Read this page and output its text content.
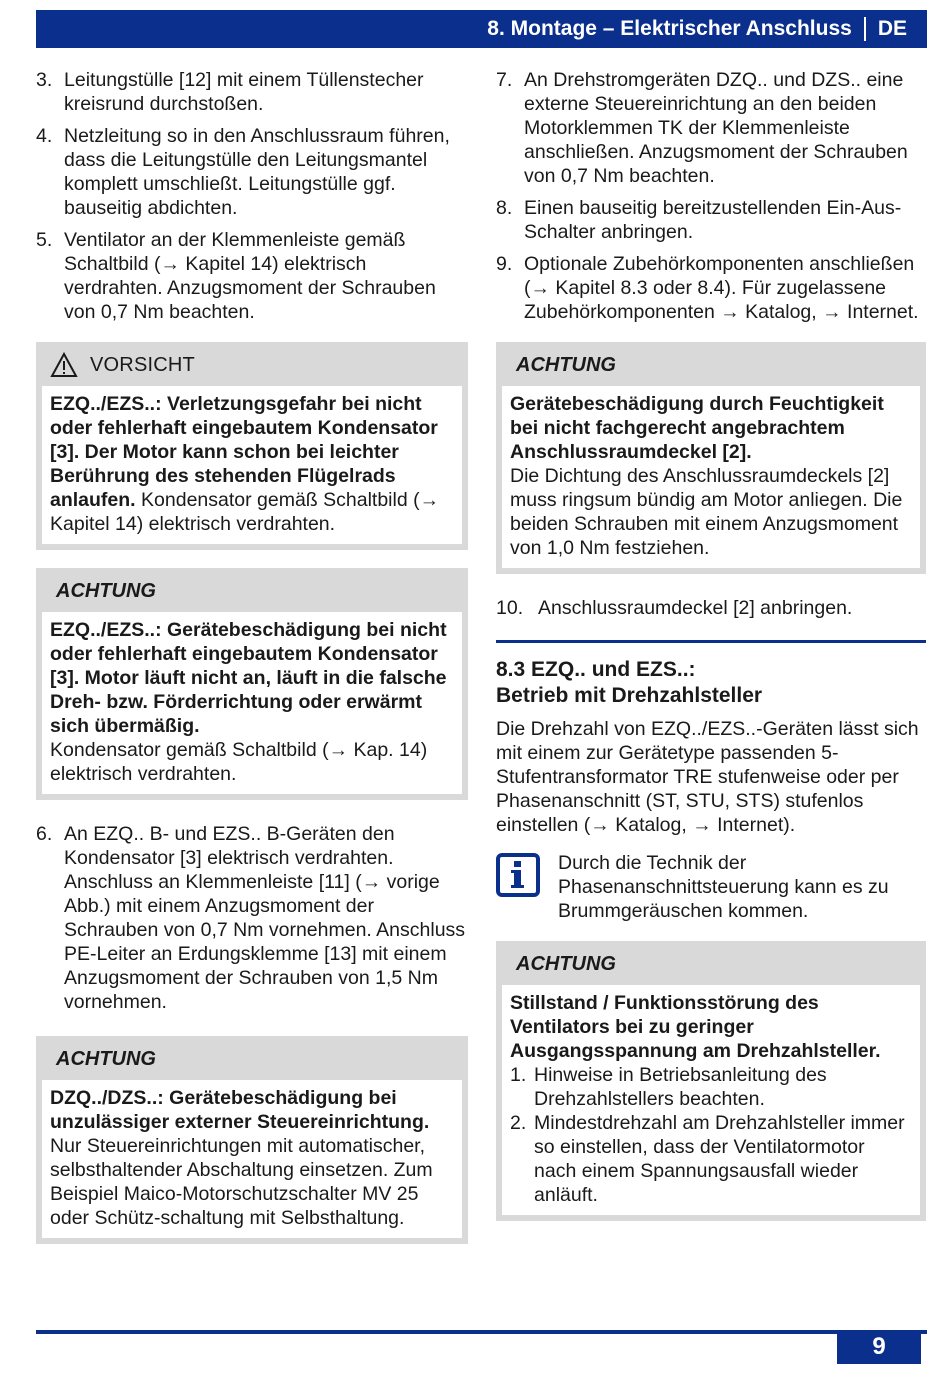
8. Montage – Elektrischer Anschluss DE
3. Leitungstülle [12] mit einem Tüllenstecher kreisrund durchstoßen.
4. Netzleitung so in den Anschlussraum führen, dass die Leitungstülle den Leitungsmantel komplett umschließt. Leitungstülle ggf. bauseitig abdichten.
5. Ventilator an der Klemmenleiste gemäß Schaltbild (→ Kapitel 14) elektrisch verdrahten. Anzugsmoment der Schrauben von 0,7 Nm beachten.
VORSICHT
EZQ../EZS..: Verletzungsgefahr bei nicht oder fehlerhaft eingebautem Kondensator [3]. Der Motor kann schon bei leichter Berührung des stehenden Flügelrads anlaufen. Kondensator gemäß Schaltbild (→ Kapitel 14) elektrisch verdrahten.
ACHTUNG
EZQ../EZS..: Gerätebeschädigung bei nicht oder fehlerhaft eingebautem Kondensator [3]. Motor läuft nicht an, läuft in die falsche Dreh- bzw. Förderrichtung oder erwärmt sich übermäßig.
Kondensator gemäß Schaltbild (→ Kap. 14) elektrisch verdrahten.
6. An EZQ.. B- und EZS.. B-Geräten den Kondensator [3] elektrisch verdrahten. Anschluss an Klemmenleiste [11] (→ vorige Abb.) mit einem Anzugsmoment der Schrauben von 0,7 Nm vornehmen. Anschluss PE-Leiter an Erdungsklemme [13] mit einem Anzugsmoment der Schrauben von 1,5 Nm vornehmen.
ACHTUNG
DZQ../DZS..: Gerätebeschädigung bei unzulässiger externer Steuereinrichtung.
Nur Steuereinrichtungen mit automatischer, selbsthaltender Abschaltung einsetzen. Zum Beispiel Maico-Motorschutzschalter MV 25 oder Schütz-schaltung mit Selbsthaltung.
7. An Drehstromgeräten DZQ.. und DZS.. eine externe Steuereinrichtung an den beiden Motorklemmen TK der Klemmenleiste anschließen. Anzugsmoment der Schrauben von 0,7 Nm beachten.
8. Einen bauseitig bereitzustellenden Ein-Aus-Schalter anbringen.
9. Optionale Zubehörkomponenten anschließen (→ Kapitel 8.3 oder 8.4). Für zugelassene Zubehörkomponenten → Katalog, → Internet.
ACHTUNG
Gerätebeschädigung durch Feuchtigkeit bei nicht fachgerecht angebrachtem Anschlussraumdeckel [2].
Die Dichtung des Anschlussraumdeckels [2] muss ringsum bündig am Motor anliegen. Die beiden Schrauben mit einem Anzugsmoment von 1,0 Nm festziehen.
10. Anschlussraumdeckel [2] anbringen.
8.3 EZQ.. und EZS..:
Betrieb mit Drehzahlsteller
Die Drehzahl von EZQ../EZS..-Geräten lässt sich mit einem zur Gerätetype passenden 5-Stufentransformator TRE stufenweise oder per Phasenanschnitt (ST, STU, STS) stufenlos einstellen (→ Katalog, → Internet).
Durch die Technik der Phasenanschnittsteuerung kann es zu Brummgeräuschen kommen.
ACHTUNG
Stillstand / Funktionsstörung des Ventilators bei zu geringer Ausgangsspannung am Drehzahlsteller.
1. Hinweise in Betriebsanleitung des Drehzahlstellers beachten.
2. Mindestdrehzahl am Drehzahlsteller immer so einstellen, dass der Ventilatormotor nach einem Spannungsausfall wieder anläuft.
9
